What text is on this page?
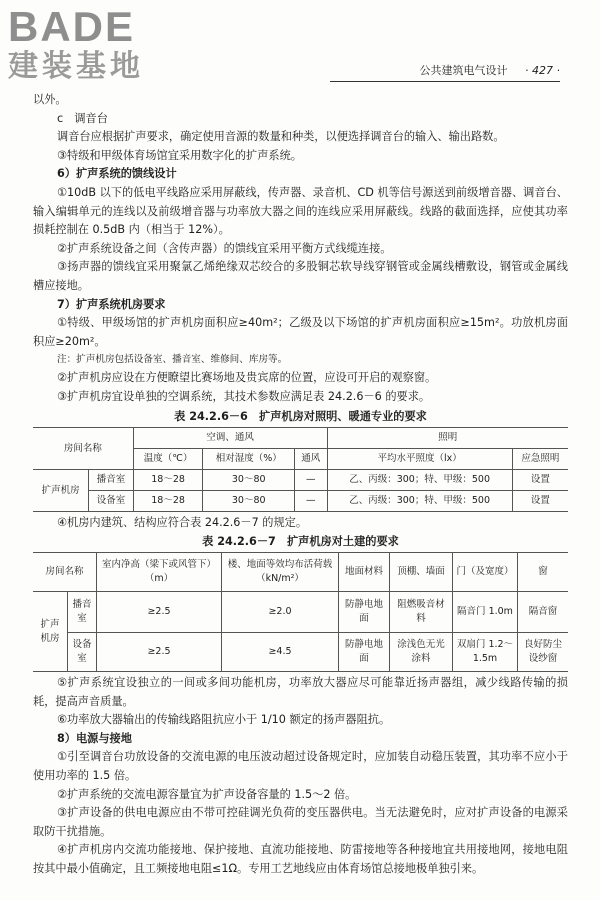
BADE
建装基地	公共建筑电气设计 · 427 ·
以外。
c　调音台
调音台应根据扩声要求，确定使用音源的数量和种类，以便选择调音台的输入、输出路数。
③特级和甲级体育场馆宜采用数字化的扩声系统。
6）扩声系统的馈线设计
①10dB 以下的低电平线路应采用屏蔽线，传声器、录音机、CD 机等信号源送到前级增音器、调音台、输入编辑单元的连线以及前级增音器与功率放大器之间的连线应采用屏蔽线。线路的截面选择，应使其功率损耗控制在 0.5dB 内（相当于 12%）。
②扩声系统设备之间（含传声器）的馈线宜采用平衡方式线缆连接。
③扬声器的馈线宜采用聚氯乙烯绝缘双芯绞合的多股铜芯软导线穿钢管或金属线槽敷设，钢管或金属线槽应接地。
7）扩声系统机房要求
①特级、甲级场馆的扩声机房面积应≥40m²；乙级及以下场馆的扩声机房面积应≥15m²。功放机房面积应≥20m²。
注：扩声机房包括设备室、播音室、维修间、库房等。
②扩声机房应设在方便瞭望比赛场地及贵宾席的位置，应设可开启的观察窗。
③扩声机房宜设单独的空调系统，其技术参数应满足表 24.2.6－6 的要求。
表 24.2.6－6　扩声机房对照明、暖通专业的要求
房间名称		空调、通风			照明	
		温度（℃）	相对湿度（%）	通风	平均水平照度（lx）	应急照明
扩声机房	播音室	18～28	30～80	—	乙、丙级：300；特、甲级：500	设置
	设备室	18～28	30～80	—	乙、丙级：300；特、甲级：500	设置
④机房内建筑、结构应符合表 24.2.6－7 的规定。
表 24.2.6－7　扩声机房对土建的要求
房间名称		室内净高（梁下或风管下）（m）	楼、地面等效均布活荷载（kN/m²）	地面材料	顶棚、墙面	门（及宽度）	窗
扩声机房	播音室	≥2.5	≥2.0	防静电地面	阻燃吸音材料	隔音门 1.0m	隔音窗
	设备室	≥2.5	≥4.5	防静电地面	涂浅色无光涂料	双扇门 1.2～1.5m	良好防尘设纱窗
⑤扩声系统宜设独立的一间或多间功能机房，功率放大器应尽可能靠近扬声器组，减少线路传输的损耗，提高声音质量。
⑥功率放大器输出的传输线路阻抗应小于 1/10 额定的扬声器阻抗。
8）电源与接地
①引至调音台功放设备的交流电源的电压波动超过设备规定时，应加装自动稳压装置，其功率不应小于使用功率的 1.5 倍。
②扩声系统的交流电源容量宜为扩声设备容量的 1.5～2 倍。
③扩声设备的供电电源应由不带可控硅调光负荷的变压器供电。当无法避免时，应对扩声设备的电源采取防干扰措施。
④扩声机房内交流功能接地、保护接地、直流功能接地、防雷接地等各种接地宜共用接地网，接地电阻按其中最小值确定，且工频接地电阻≤1Ω。专用工艺地线应由体育场馆总接地极单独引来。
